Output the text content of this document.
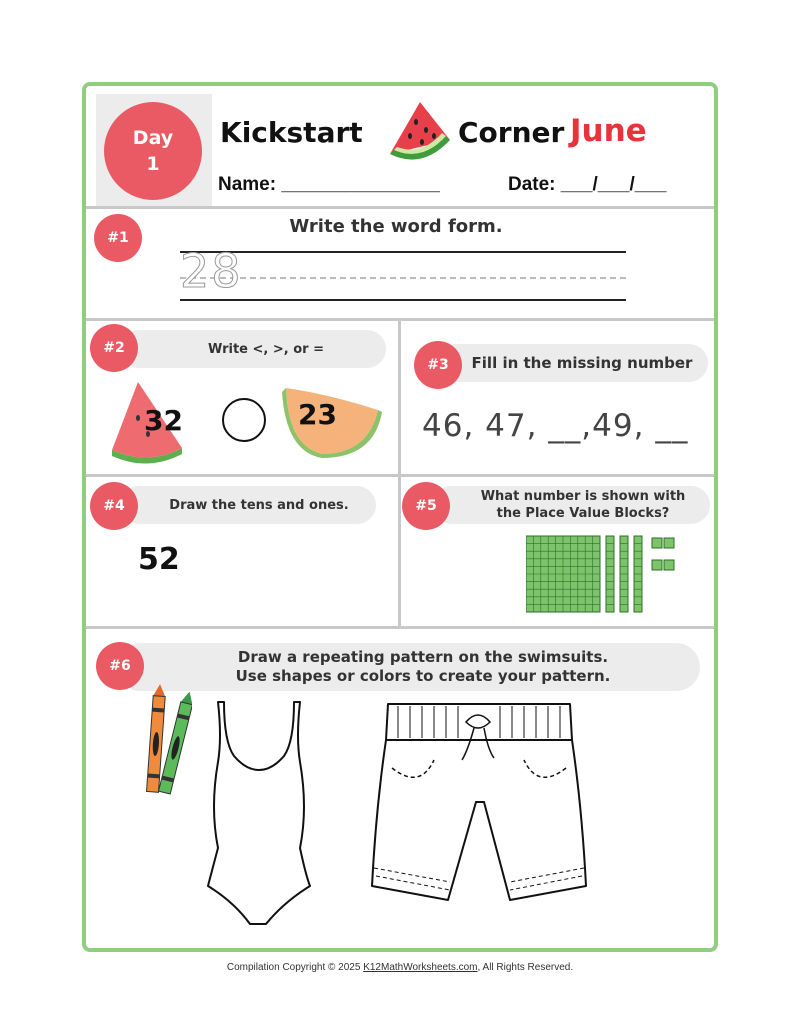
Day
1
Kickstart	Corner June
Name: _______________	Date: ___/___/___
#1
Write the word form.
28
Write <, >, or =
#2
32	23
Fill in the missing number
#3
46, 47, __,49, __
Draw the tens and ones.
#4
52
What number is shown with
the Place Value Blocks?
#5
Draw a repeating pattern on the swimsuits.
Use shapes or colors to create your pattern.
#6
Compilation Copyright © 2025 K12MathWorksheets.com, All Rights Reserved.
